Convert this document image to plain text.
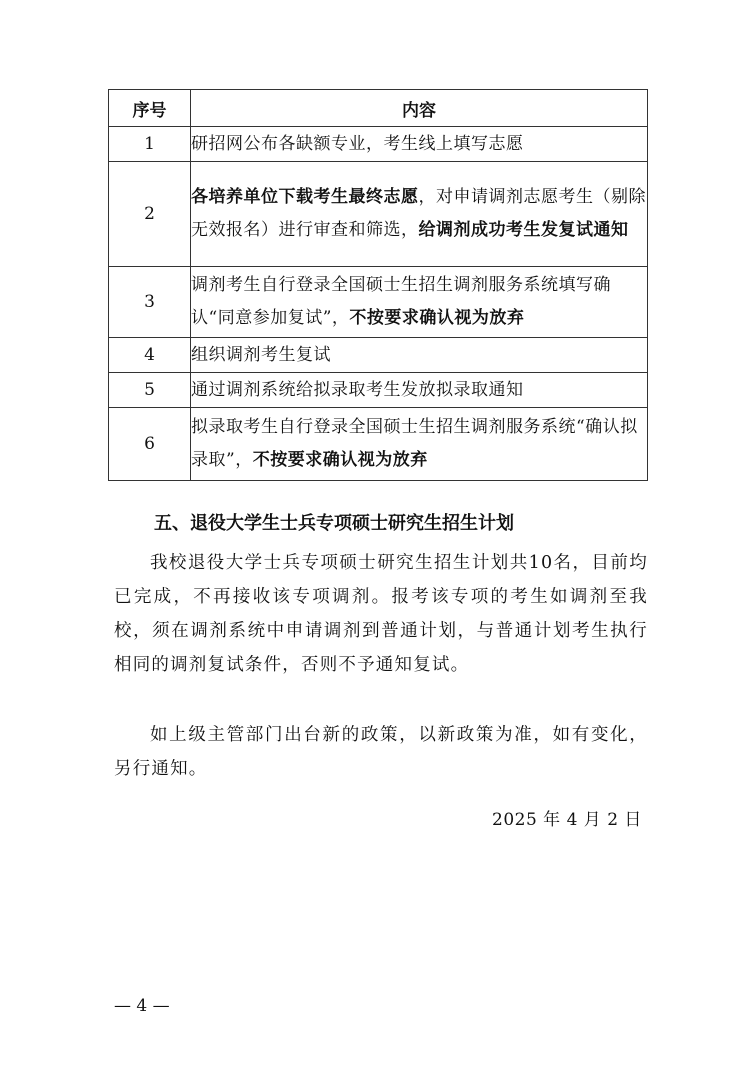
序号	内容
1	研招网公布各缺额专业，考生线上填写志愿
2	各培养单位下载考生最终志愿，对申请调剂志愿考生（剔除无效报名）进行审查和筛选，给调剂成功考生发复试通知
3	调剂考生自行登录全国硕士生招生调剂服务系统填写确认“同意参加复试”，不按要求确认视为放弃
4	组织调剂考生复试
5	通过调剂系统给拟录取考生发放拟录取通知
6	拟录取考生自行登录全国硕士生招生调剂服务系统“确认拟录取”，不按要求确认视为放弃
五、退役大学生士兵专项硕士研究生招生计划

我校退役大学士兵专项硕士研究生招生计划共10名，目前均已完成，不再接收该专项调剂。报考该专项的考生如调剂至我校，须在调剂系统中申请调剂到普通计划，与普通计划考生执行相同的调剂复试条件，否则不予通知复试。

如上级主管部门出台新的政策，以新政策为准，如有变化，另行通知。

2025 年 4 月 2 日
— 4 —
